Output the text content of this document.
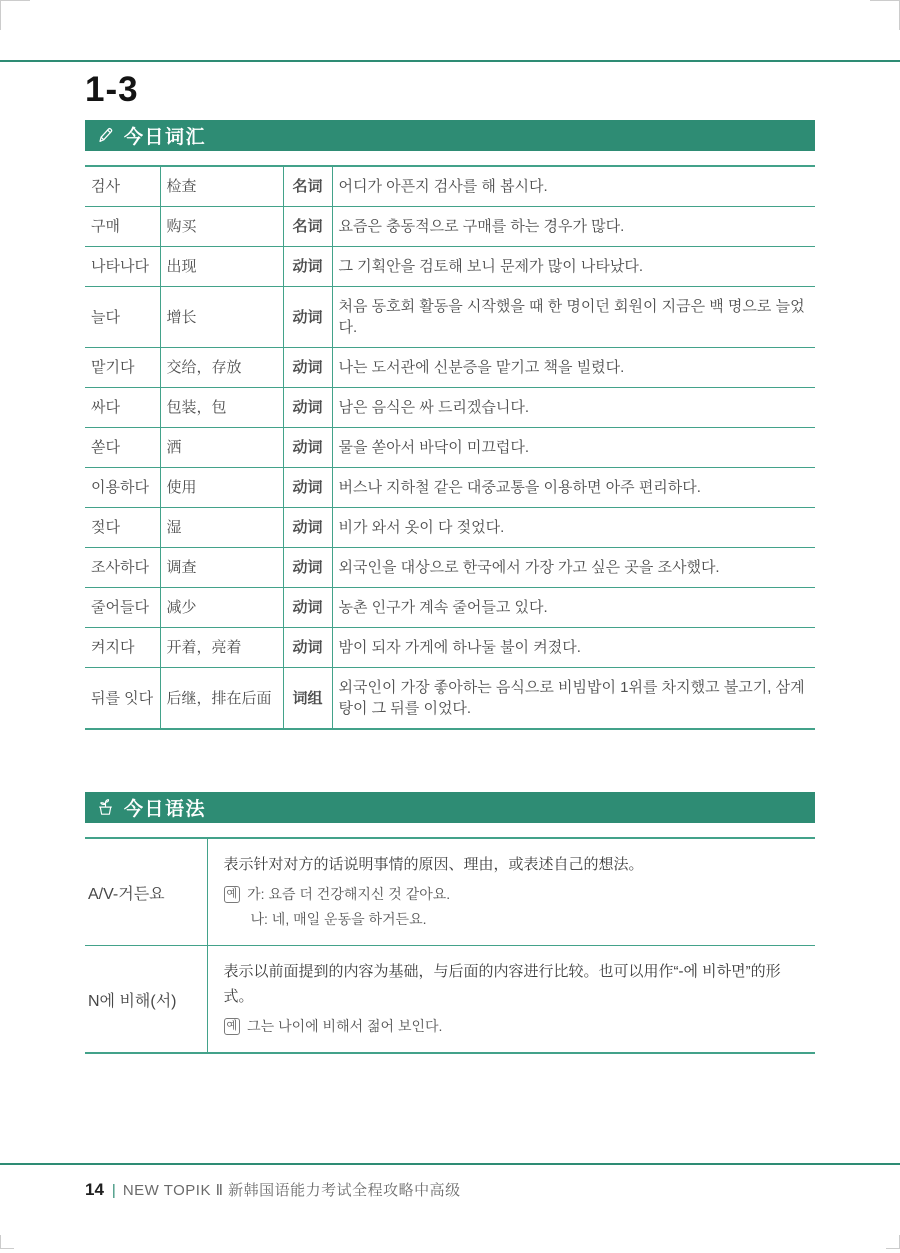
1-3
今日词汇
검사	检查	名词	어디가 아픈지 검사를 해 봅시다.
구매	购买	名词	요즘은 충동적으로 구매를 하는 경우가 많다.
나타나다	出现	动词	그 기획안을 검토해 보니 문제가 많이 나타났다.
늘다	增长	动词	처음 동호회 활동을 시작했을 때 한 명이던 회원이 지금은 백 명으로 늘었다.
맡기다	交给，存放	动词	나는 도서관에 신분증을 맡기고 책을 빌렸다.
싸다	包装，包	动词	남은 음식은 싸 드리겠습니다.
쏟다	洒	动词	물을 쏟아서 바닥이 미끄럽다.
이용하다	使用	动词	버스나 지하철 같은 대중교통을 이용하면 아주 편리하다.
젖다	湿	动词	비가 와서 옷이 다 젖었다.
조사하다	调查	动词	외국인을 대상으로 한국에서 가장 가고 싶은 곳을 조사했다.
줄어들다	减少	动词	농촌 인구가 계속 줄어들고 있다.
켜지다	开着，亮着	动词	밤이 되자 가게에 하나둘 불이 켜졌다.
뒤를 잇다	后继，排在后面	词组	외국인이 가장 좋아하는 음식으로 비빔밥이 1위를 차지했고 불고기, 삼계탕이 그 뒤를 이었다.
今日语法
A/V-거든요	表示针对对方的话说明事情的原因、理由，或表述自己的想法。
예 가: 요즘 더 건강해지신 것 같아요.
나: 네, 매일 운동을 하거든요.

N에 비해(서)	表示以前面提到的内容为基础，与后面的内容进行比较。也可以用作“-에 비하면”的形式。
예 그는 나이에 비해서 젊어 보인다.
14 | NEW TOPIK Ⅱ 新韩国语能力考试全程攻略中高级
